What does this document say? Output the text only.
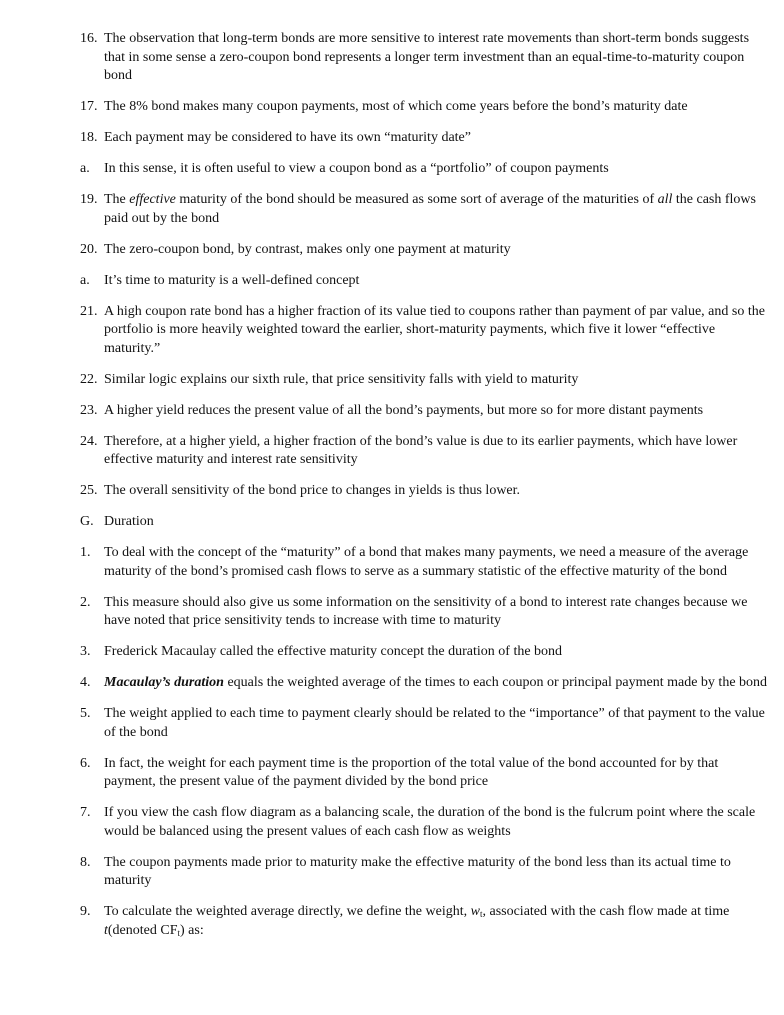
16. The observation that long-term bonds are more sensitive to interest rate movements than short-term bonds suggests that in some sense a zero-coupon bond represents a longer term investment than an equal-time-to-maturity coupon bond
17. The 8% bond makes many coupon payments, most of which come years before the bond’s maturity date
18. Each payment may be considered to have its own “maturity date”
a. In this sense, it is often useful to view a coupon bond as a “portfolio” of coupon payments
19. The effective maturity of the bond should be measured as some sort of average of the maturities of all the cash flows paid out by the bond
20. The zero-coupon bond, by contrast, makes only one payment at maturity
a. It’s time to maturity is a well-defined concept
21. A high coupon rate bond has a higher fraction of its value tied to coupons rather than payment of par value, and so the portfolio is more heavily weighted toward the earlier, short-maturity payments, which five it lower “effective maturity.”
22. Similar logic explains our sixth rule, that price sensitivity falls with yield to maturity
23. A higher yield reduces the present value of all the bond’s payments, but more so for more distant payments
24. Therefore, at a higher yield, a higher fraction of the bond’s value is due to its earlier payments, which have lower effective maturity and interest rate sensitivity
25. The overall sensitivity of the bond price to changes in yields is thus lower.
G. Duration
1. To deal with the concept of the “maturity” of a bond that makes many payments, we need a measure of the average maturity of the bond’s promised cash flows to serve as a summary statistic of the effective maturity of the bond
2. This measure should also give us some information on the sensitivity of a bond to interest rate changes because we have noted that price sensitivity tends to increase with time to maturity
3. Frederick Macaulay called the effective maturity concept the duration of the bond
4. Macaulay’s duration equals the weighted average of the times to each coupon or principal payment made by the bond
5. The weight applied to each time to payment clearly should be related to the “importance” of that payment to the value of the bond
6. In fact, the weight for each payment time is the proportion of the total value of the bond accounted for by that payment, the present value of the payment divided by the bond price
7. If you view the cash flow diagram as a balancing scale, the duration of the bond is the fulcrum point where the scale would be balanced using the present values of each cash flow as weights
8. The coupon payments made prior to maturity make the effective maturity of the bond less than its actual time to maturity
9. To calculate the weighted average directly, we define the weight, $w_t$, associated with the cash flow made at time t(denoted $CF_t$) as:
